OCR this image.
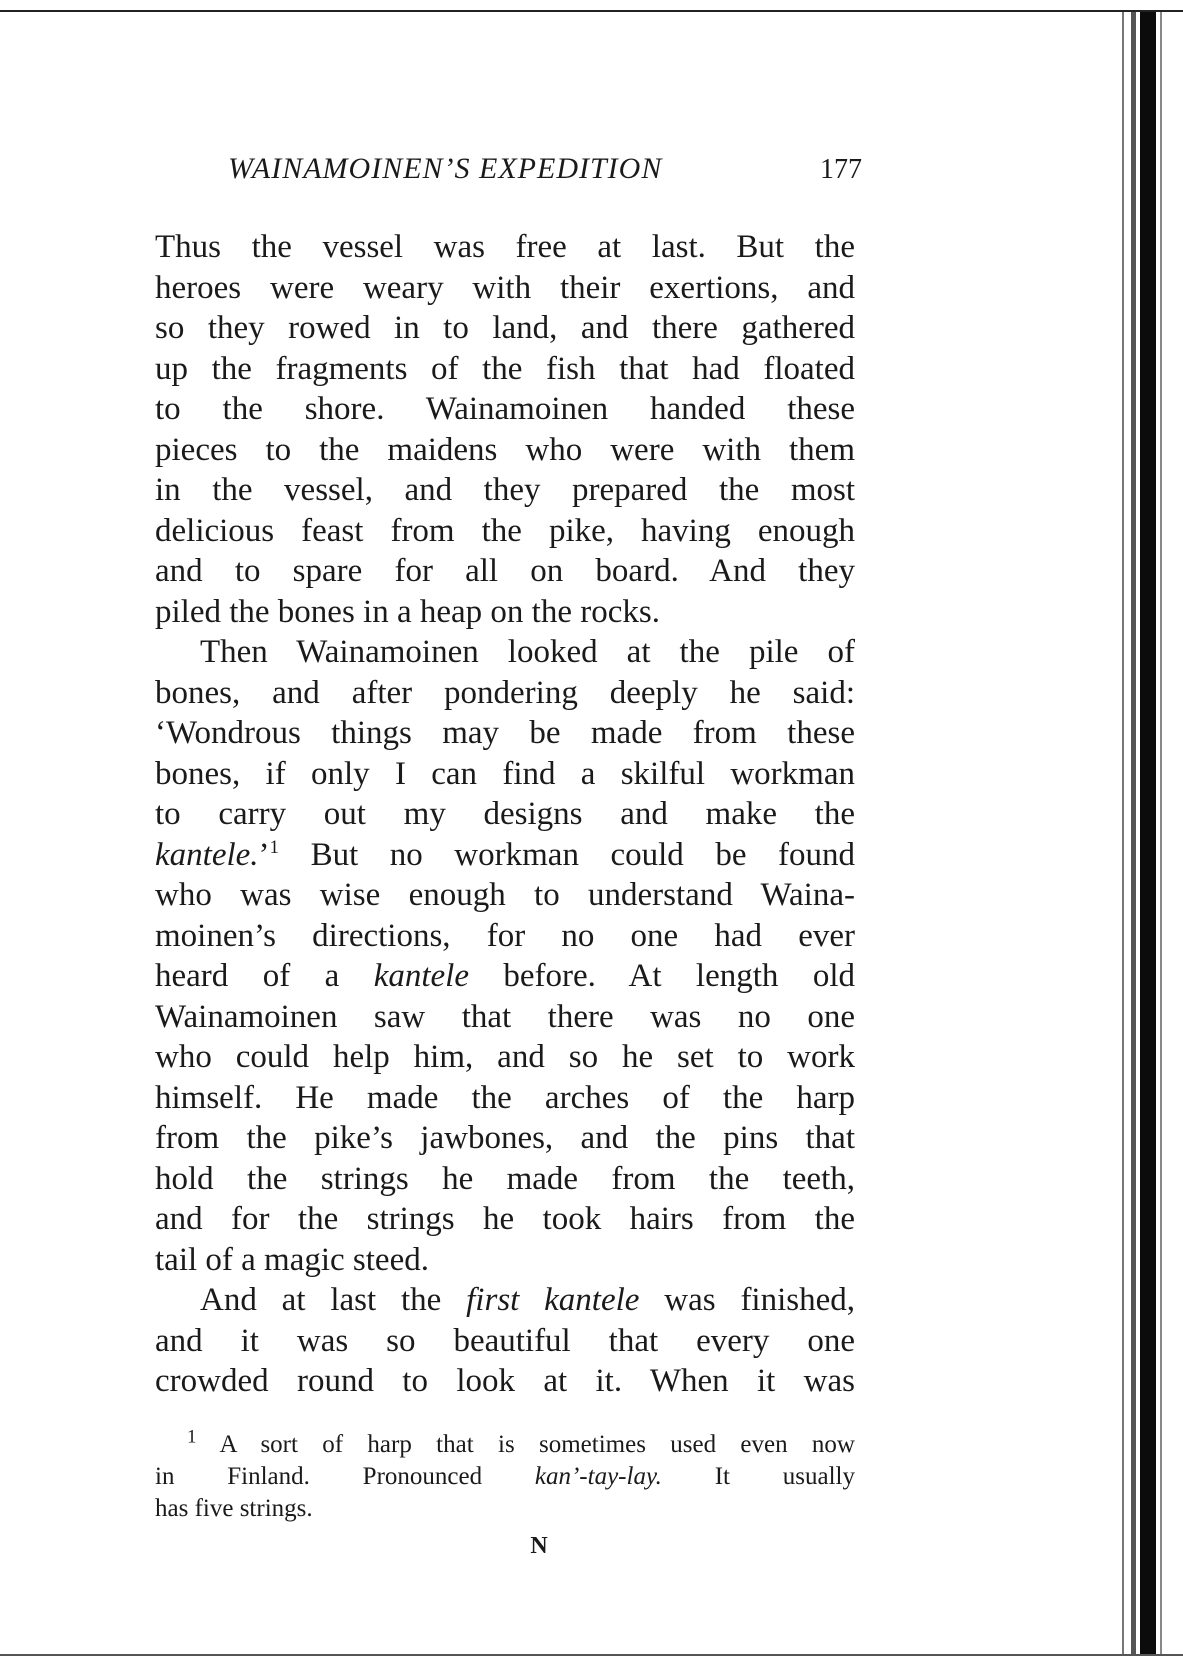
WAINAMOINEN’S EXPEDITION	177
Thus the vessel was free at last. But the
heroes were weary with their exertions, and
so they rowed in to land, and there gathered
up the fragments of the fish that had floated
to the shore. Wainamoinen handed these
pieces to the maidens who were with them
in the vessel, and they prepared the most
delicious feast from the pike, having enough
and to spare for all on board. And they
piled the bones in a heap on the rocks.
Then Wainamoinen looked at the pile of
bones, and after pondering deeply he said:
‘Wondrous things may be made from these
bones, if only I can find a skilful workman
to carry out my designs and make the
kantele.’$^1$ But no workman could be found
who was wise enough to understand Waina-
moinen’s directions, for no one had ever
heard of a kantele before. At length old
Wainamoinen saw that there was no one
who could help him, and so he set to work
himself. He made the arches of the harp
from the pike’s jawbones, and the pins that
hold the strings he made from the teeth,
and for the strings he took hairs from the
tail of a magic steed.
And at last the first kantele was finished,
and it was so beautiful that every one
crowded round to look at it. When it was
$^1$ A sort of harp that is sometimes used even now
in Finland. Pronounced kan’-tay-lay. It usually
has five strings.
N
